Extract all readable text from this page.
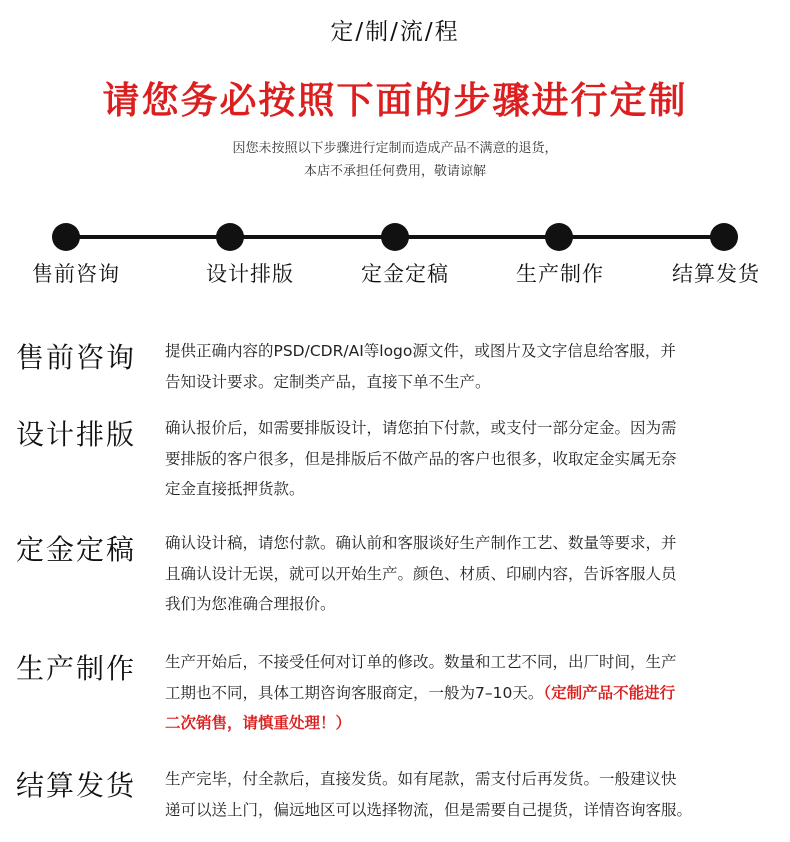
定/制/流/程
请您务必按照下面的步骤进行定制
因您未按照以下步骤进行定制而造成产品不满意的退货，
本店不承担任何费用，敬请谅解
售前咨询	设计排版	定金定稿	生产制作	结算发货
售前咨询 提供正确内容的PSD/CDR/AI等logo源文件，或图片及文字信息给客服，并
告知设计要求。定制类产品，直接下单不生产。
设计排版 确认报价后，如需要排版设计，请您拍下付款，或支付一部分定金。因为需
要排版的客户很多，但是排版后不做产品的客户也很多，收取定金实属无奈
定金直接抵押货款。
定金定稿 确认设计稿，请您付款。确认前和客服谈好生产制作工艺、数量等要求，并
且确认设计无误，就可以开始生产。颜色、材质、印刷内容，告诉客服人员
我们为您准确合理报价。
生产制作 生产开始后，不接受任何对订单的修改。数量和工艺不同，出厂时间，生产
工期也不同，具体工期咨询客服商定，一般为7–10天。（定制产品不能进行
二次销售，请慎重处理！）
结算发货 生产完毕，付全款后，直接发货。如有尾款，需支付后再发货。一般建议快
递可以送上门，偏远地区可以选择物流，但是需要自己提货，详情咨询客服。
